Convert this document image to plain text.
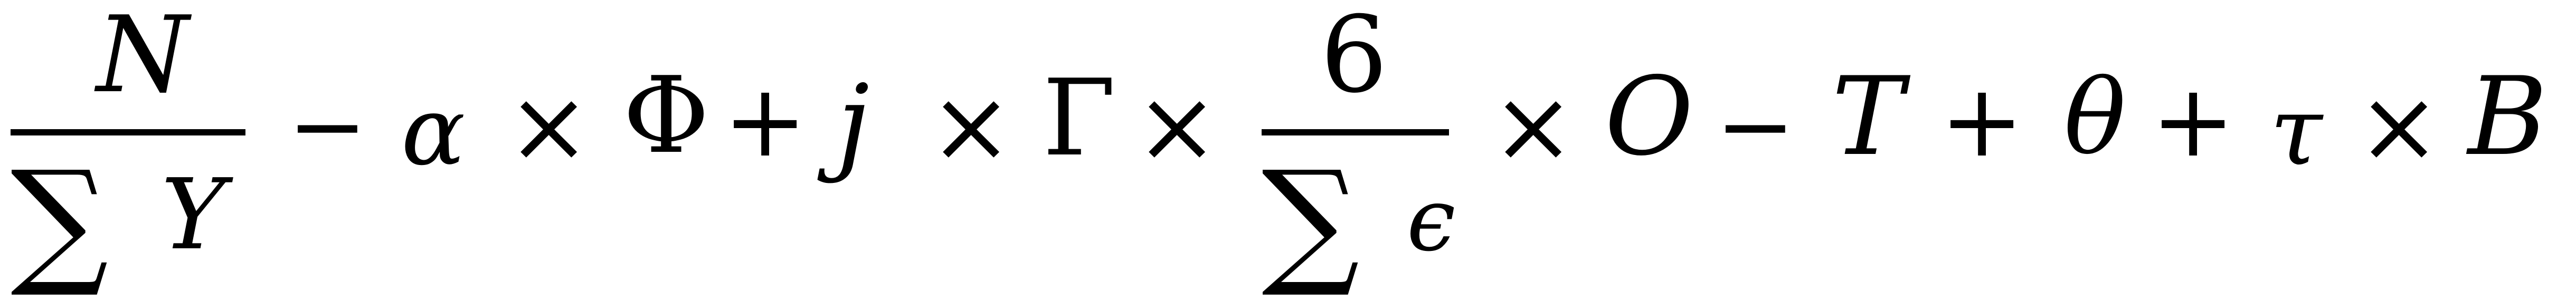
N
∑ Y
− α × Φ + j × Γ ×
6
∑ ϵ
× O − T + θ + τ × B
